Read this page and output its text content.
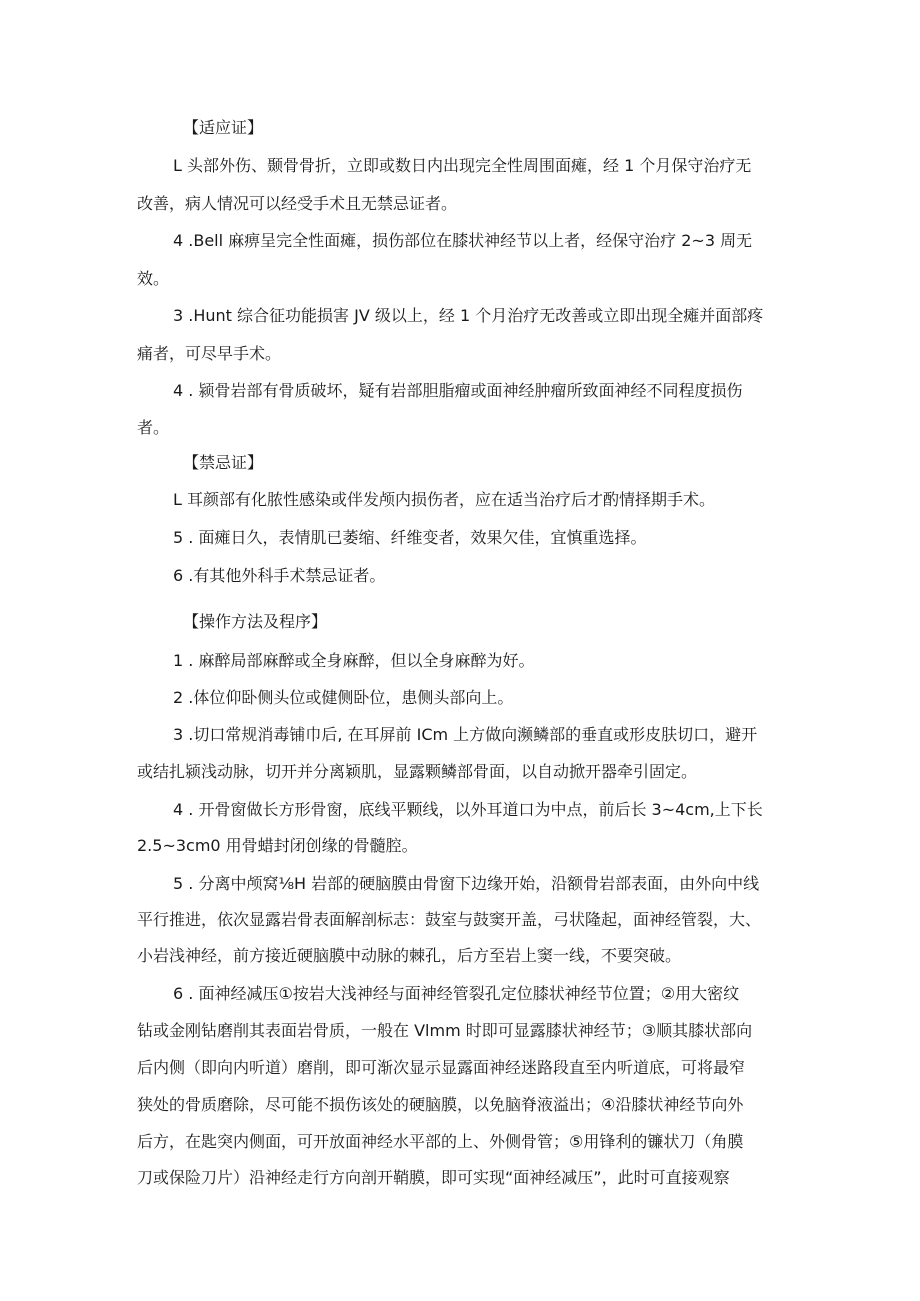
【适应证】

L 头部外伤、颞骨骨折，立即或数日内出现完全性周围面瘫，经 1 个月保守治疗无

改善，病人情况可以经受手术且无禁忌证者。

4 .Bell 麻痹呈完全性面瘫，损伤部位在膝状神经节以上者，经保守治疗 2~3 周无

效。

3 .Hunt 综合征功能损害 JV 级以上，经 1 个月治疗无改善或立即出现全瘫并面部疼

痛者，可尽早手术。

4 . 颍骨岩部有骨质破坏，疑有岩部胆脂瘤或面神经肿瘤所致面神经不同程度损伤

者。

【禁忌证】

L 耳颜部有化脓性感染或伴发颅内损伤者，应在适当治疗后才酌情择期手术。

5 . 面瘫日久，表情肌已萎缩、纤维变者，效果欠佳，宜慎重选择。

6 .有其他外科手术禁忌证者。

【操作方法及程序】

1 . 麻醉局部麻醉或全身麻醉，但以全身麻醉为好。

2 .体位仰卧侧头位或健侧卧位，患侧头部向上。

3 .切口常规消毒铺巾后, 在耳屏前 ICm 上方做向濒鳞部的垂直或形皮肤切口，避开

或结扎颍浅动脉，切开并分离颖肌，显露颗鳞部骨面，以自动掀开器牵引固定。

4 . 开骨窗做长方形骨窗，底线平颗线，以外耳道口为中点，前后长 3~4cm,上下长

2.5~3cm0 用骨蜡封闭创缘的骨髓腔。

5 . 分离中颅窝⅛H 岩部的硬脑膜由骨窗下边缘开始，沿额骨岩部表面，由外向中线

平行推进，依次显露岩骨表面解剖标志：鼓室与鼓窦开盖，弓状隆起，面神经管裂，大、

小岩浅神经，前方接近硬脑膜中动脉的棘孔，后方至岩上窦一线，不要突破。

6 . 面神经减压①按岩大浅神经与面神经管裂孔定位膝状神经节位置；②用大密纹

钻或金刚钻磨削其表面岩骨质，一般在 Vlmm 时即可显露膝状神经节；③顺其膝状部向

后内侧（即向内听道）磨削，即可渐次显示显露面神经迷路段直至内听道底，可将最窄

狭处的骨质磨除，尽可能不损伤该处的硬脑膜，以免脑脊液溢出；④沿膝状神经节向外

后方，在匙突内侧面，可开放面神经水平部的上、外侧骨管；⑤用锋利的镰状刀（角膜

刀或保险刀片）沿神经走行方向剖开鞘膜，即可实现“面神经减压”，此时可直接观察
